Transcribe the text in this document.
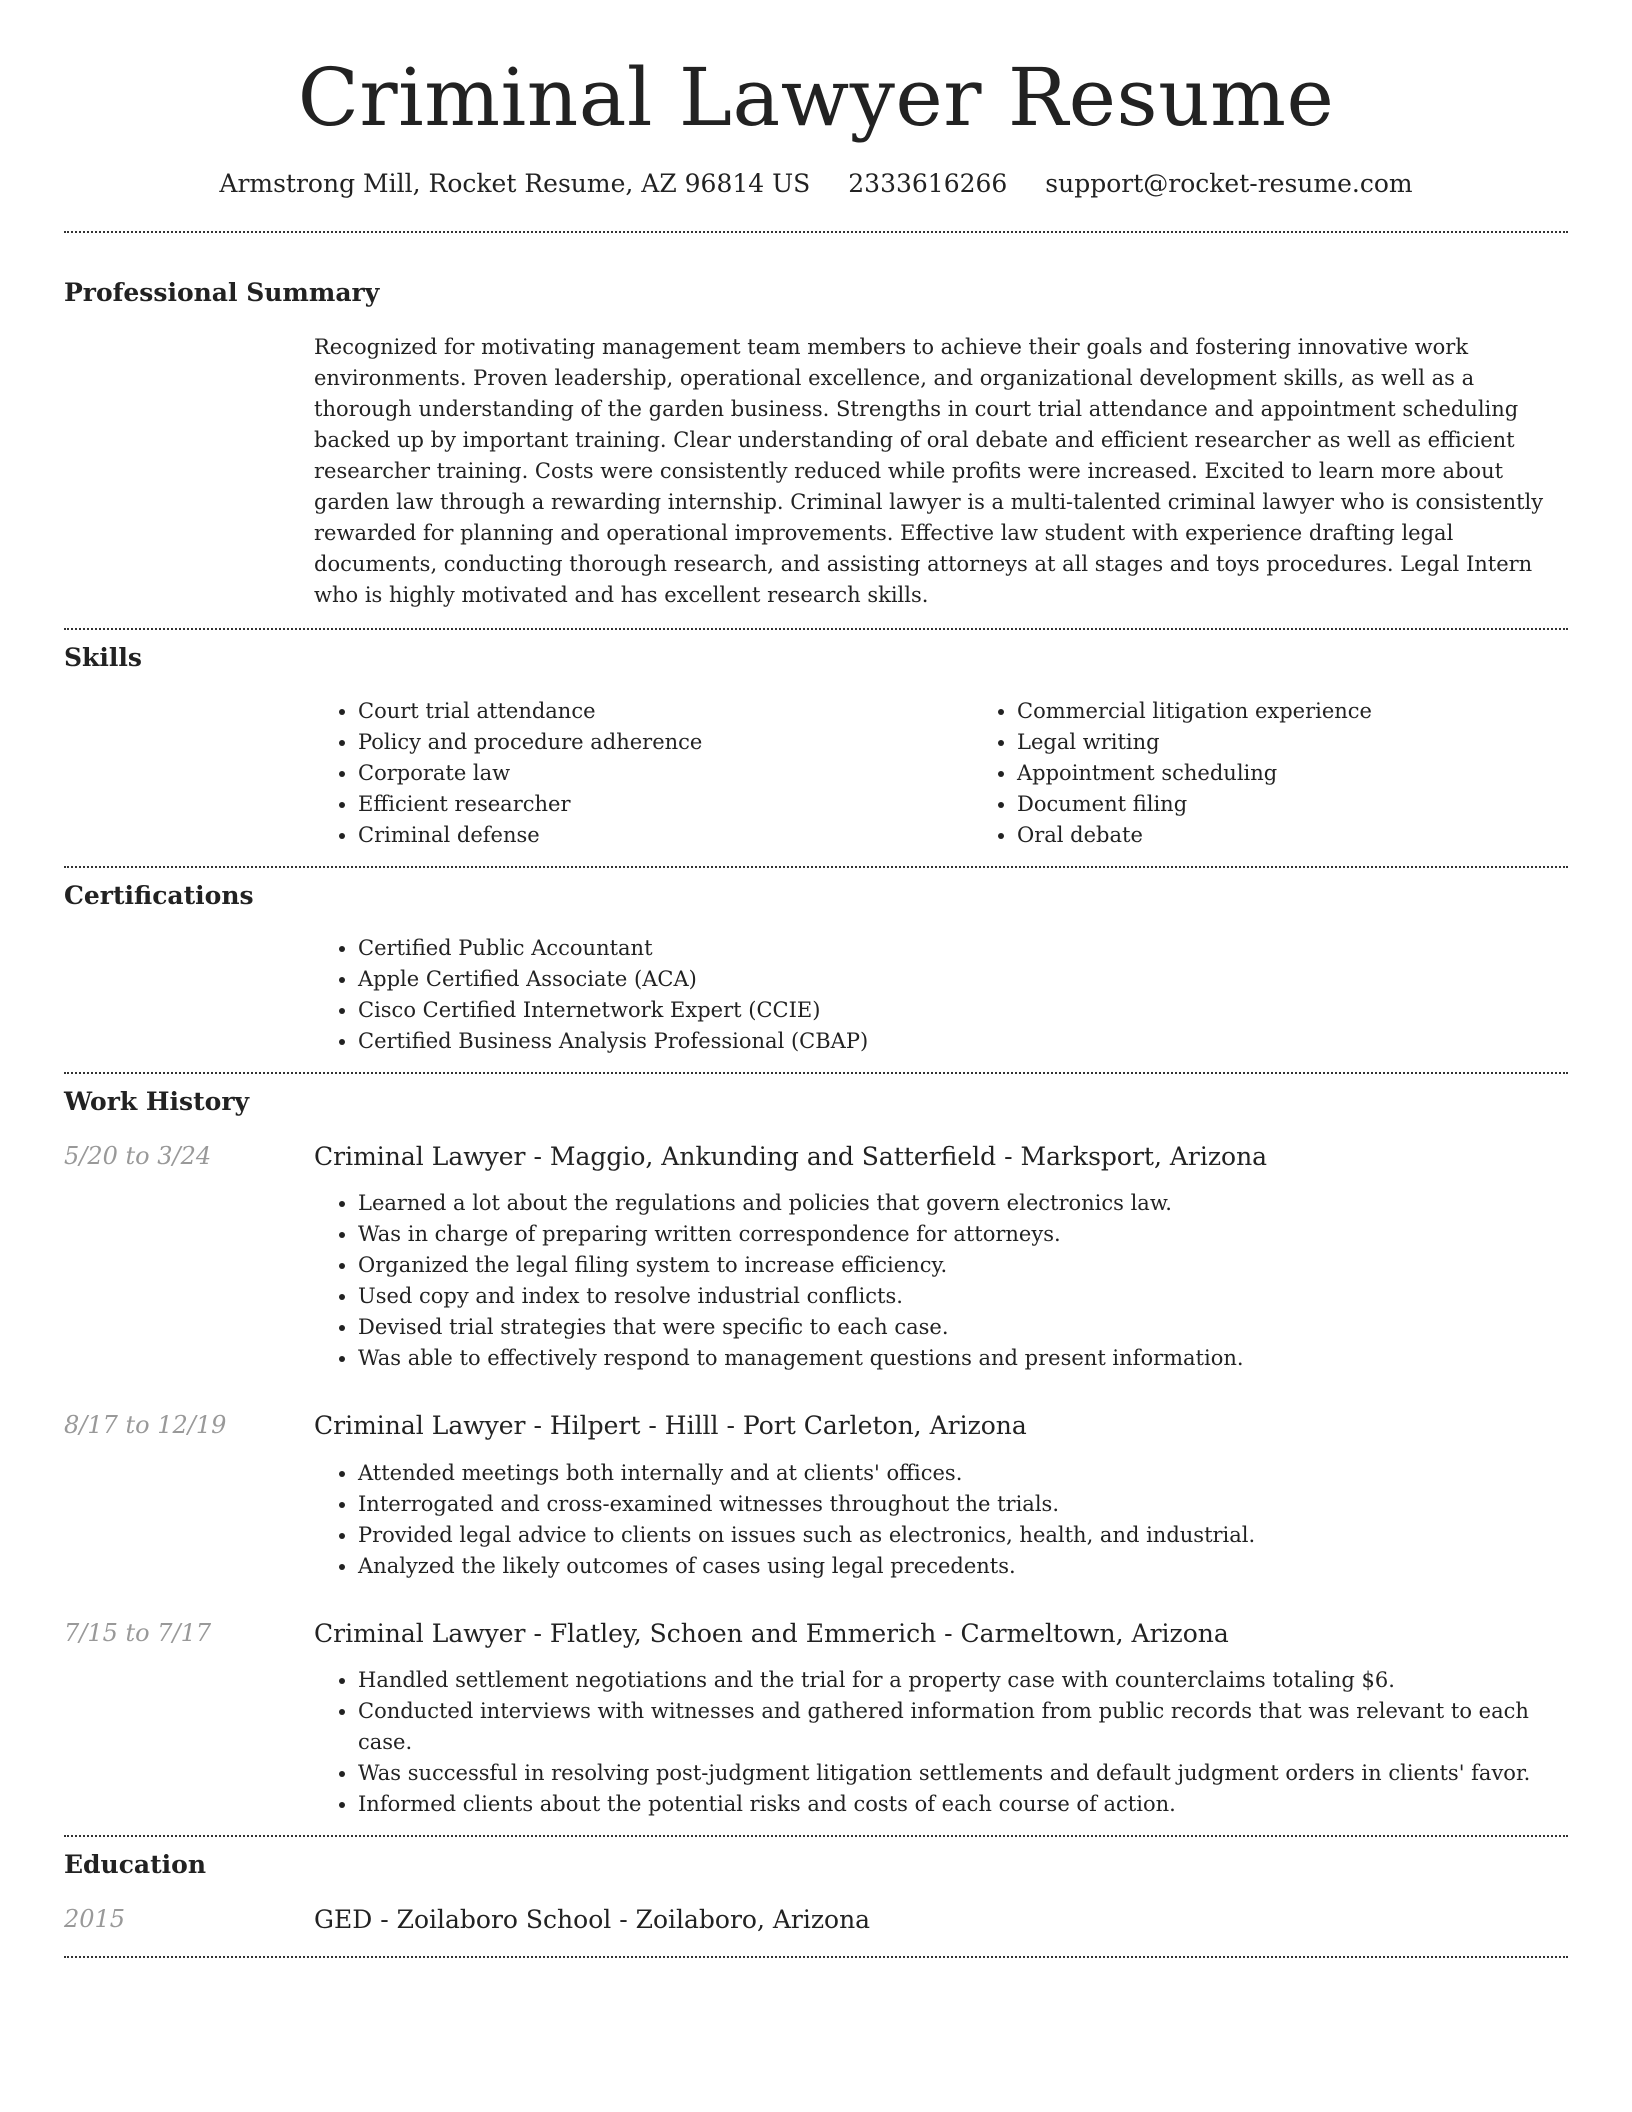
Criminal Lawyer Resume
Armstrong Mill, Rocket Resume, AZ 96814 US 2333616266 support@rocket-resume.com
Professional Summary

Recognized for motivating management team members to achieve their goals and fostering innovative work environments. Proven leadership, operational excellence, and organizational development skills, as well as a thorough understanding of the garden business. Strengths in court trial attendance and appointment scheduling backed up by important training. Clear understanding of oral debate and efficient researcher as well as efficient researcher training. Costs were consistently reduced while profits were increased. Excited to learn more about garden law through a rewarding internship. Criminal lawyer is a multi-talented criminal lawyer who is consistently rewarded for planning and operational improvements. Effective law student with experience drafting legal documents, conducting thorough research, and assisting attorneys at all stages and toys procedures. Legal Intern who is highly motivated and has excellent research skills.

Skills
• Court trial attendance
• Policy and procedure adherence
• Corporate law
• Efficient researcher
• Criminal defense
• Commercial litigation experience
• Legal writing
• Appointment scheduling
• Document filing
• Oral debate
Certifications
• Certified Public Accountant
• Apple Certified Associate (ACA)
• Cisco Certified Internetwork Expert (CCIE)
• Certified Business Analysis Professional (CBAP)
Work History
5/20 to 3/24	Criminal Lawyer - Maggio, Ankunding and Satterfield - Marksport, Arizona
• Learned a lot about the regulations and policies that govern electronics law.
• Was in charge of preparing written correspondence for attorneys.
• Organized the legal filing system to increase efficiency.
• Used copy and index to resolve industrial conflicts.
• Devised trial strategies that were specific to each case.
• Was able to effectively respond to management questions and present information.
8/17 to 12/19	Criminal Lawyer - Hilpert - Hilll - Port Carleton, Arizona
• Attended meetings both internally and at clients' offices.
• Interrogated and cross-examined witnesses throughout the trials.
• Provided legal advice to clients on issues such as electronics, health, and industrial.
• Analyzed the likely outcomes of cases using legal precedents.
7/15 to 7/17	Criminal Lawyer - Flatley, Schoen and Emmerich - Carmeltown, Arizona
• Handled settlement negotiations and the trial for a property case with counterclaims totaling $6.
• Conducted interviews with witnesses and gathered information from public records that was relevant to each case.
• Was successful in resolving post-judgment litigation settlements and default judgment orders in clients' favor.
• Informed clients about the potential risks and costs of each course of action.
Education
2015	GED - Zoilaboro School - Zoilaboro, Arizona
